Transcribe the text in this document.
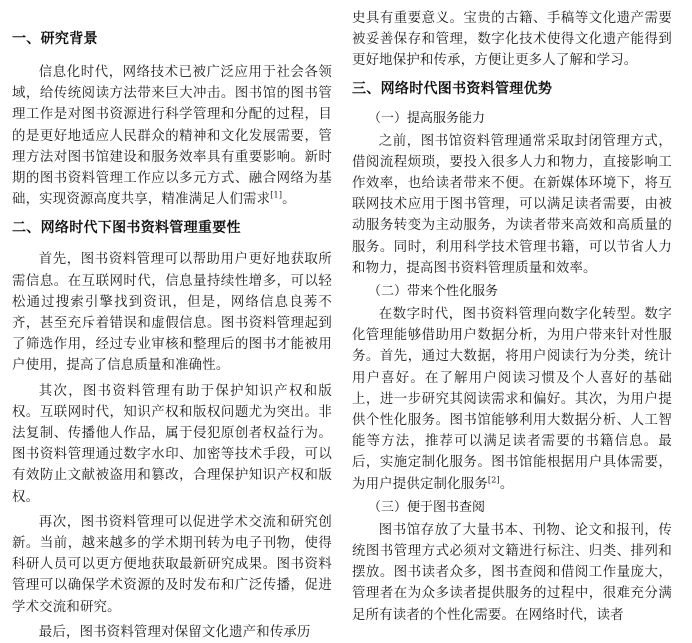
一、研究背景

信息化时代，网络技术已被广泛应用于社会各领域，给传统阅读方法带来巨大冲击。图书馆的图书管理工作是对图书资源进行科学管理和分配的过程，目的是更好地适应人民群众的精神和文化发展需要，管理方法对图书馆建设和服务效率具有重要影响。新时期的图书资料管理工作应以多元方式、融合网络为基础，实现资源高度共享，精准满足人们需求[1]。

二、网络时代下图书资料管理重要性

首先，图书资料管理可以帮助用户更好地获取所需信息。在互联网时代，信息量持续性增多，可以轻松通过搜索引擎找到资讯，但是，网络信息良莠不齐，甚至充斥着错误和虚假信息。图书资料管理起到了筛选作用，经过专业审核和整理后的图书才能被用户使用，提高了信息质量和准确性。

其次，图书资料管理有助于保护知识产权和版权。互联网时代，知识产权和版权问题尤为突出。非法复制、传播他人作品，属于侵犯原创者权益行为。图书资料管理通过数字水印、加密等技术手段，可以有效防止文献被盗用和篡改，合理保护知识产权和版权。

再次，图书资料管理可以促进学术交流和研究创新。当前，越来越多的学术期刊转为电子刊物，使得科研人员可以更方便地获取最新研究成果。图书资料管理可以确保学术资源的及时发布和广泛传播，促进学术交流和研究。

最后，图书资料管理对保留文化遗产和传承历

史具有重要意义。宝贵的古籍、手稿等文化遗产需要被妥善保存和管理，数字化技术使得文化遗产能得到更好地保护和传承，方便让更多人了解和学习。

三、网络时代图书资料管理优势
（一）提高服务能力

之前，图书馆资料管理通常采取封闭管理方式，借阅流程烦琐，要投入很多人力和物力，直接影响工作效率，也给读者带来不便。在新媒体环境下，将互联网技术应用于图书管理，可以满足读者需要，由被动服务转变为主动服务，为读者带来高效和高质量的服务。同时，利用科学技术管理书籍，可以节省人力和物力，提高图书资料管理质量和效率。

（二）带来个性化服务

在数字时代，图书资料管理向数字化转型。数字化管理能够借助用户数据分析，为用户带来针对性服务。首先，通过大数据，将用户阅读行为分类，统计用户喜好。在了解用户阅读习惯及个人喜好的基础上，进一步研究其阅读需求和偏好。其次，为用户提供个性化服务。图书馆能够利用大数据分析、人工智能等方法，推荐可以满足读者需要的书籍信息。最后，实施定制化服务。图书馆能根据用户具体需要，为用户提供定制化服务[2]。

（三）便于图书查阅

图书馆存放了大量书本、刊物、论文和报刊，传统图书管理方式必须对文籍进行标注、归类、排列和摆放。图书读者众多，图书查阅和借阅工作量庞大，管理者在为众多读者提供服务的过程中，很难充分满足所有读者的个性化需要。在网络时代，读者
